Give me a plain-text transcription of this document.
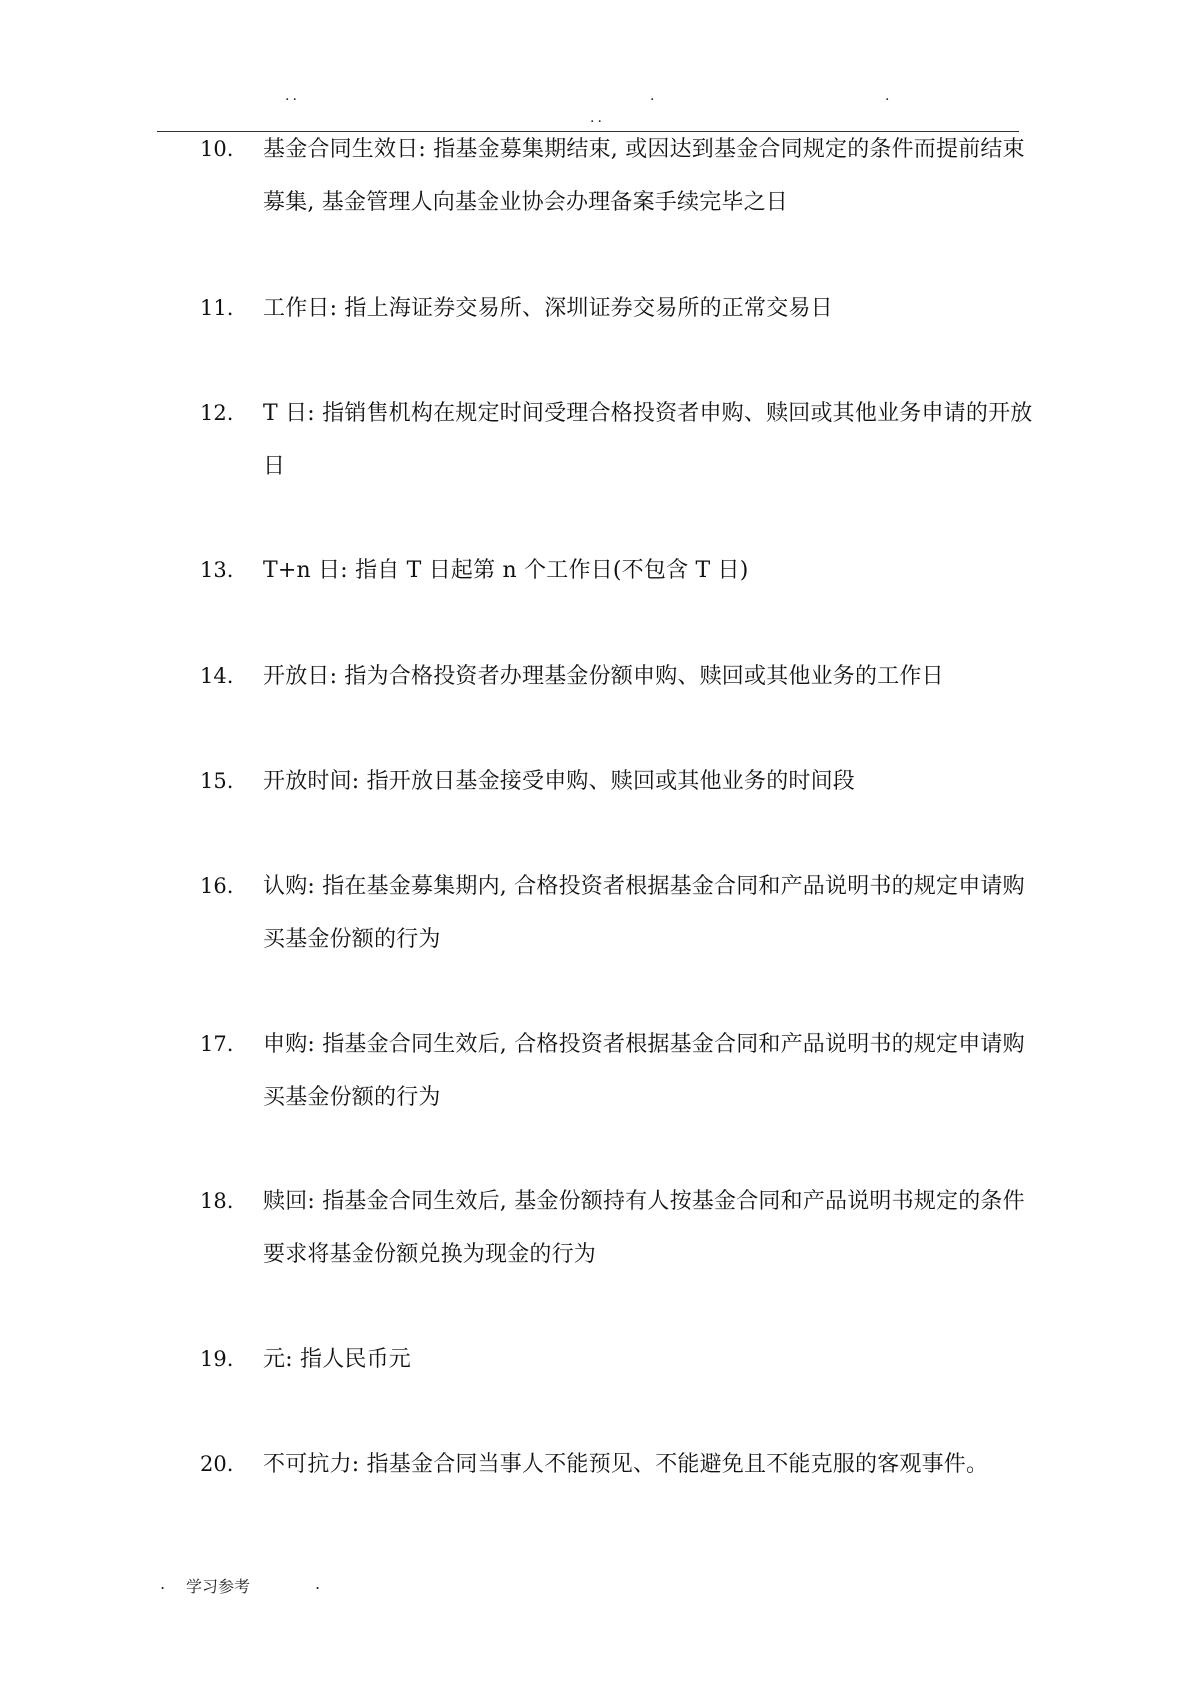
..
..
.	.
10.	基金合同生效日: 指基金募集期结束, 或因达到基金合同规定的条件而提前结束募集, 基金管理人向基金业协会办理备案手续完毕之日
11.	工作日: 指上海证券交易所、深圳证券交易所的正常交易日
12.	T 日: 指销售机构在规定时间受理合格投资者申购、赎回或其他业务申请的开放日
13.	T+n 日: 指自 T 日起第 n 个工作日(不包含 T 日)
14.	开放日: 指为合格投资者办理基金份额申购、赎回或其他业务的工作日
15.	开放时间: 指开放日基金接受申购、赎回或其他业务的时间段
16.	认购: 指在基金募集期内, 合格投资者根据基金合同和产品说明书的规定申请购买基金份额的行为
17.	申购: 指基金合同生效后, 合格投资者根据基金合同和产品说明书的规定申请购买基金份额的行为
18.	赎回: 指基金合同生效后, 基金份额持有人按基金合同和产品说明书规定的条件要求将基金份额兑换为现金的行为
19.	元: 指人民币元
20.	不可抗力: 指基金合同当事人不能预见、不能避免且不能克服的客观事件。
. 学习参考	.
